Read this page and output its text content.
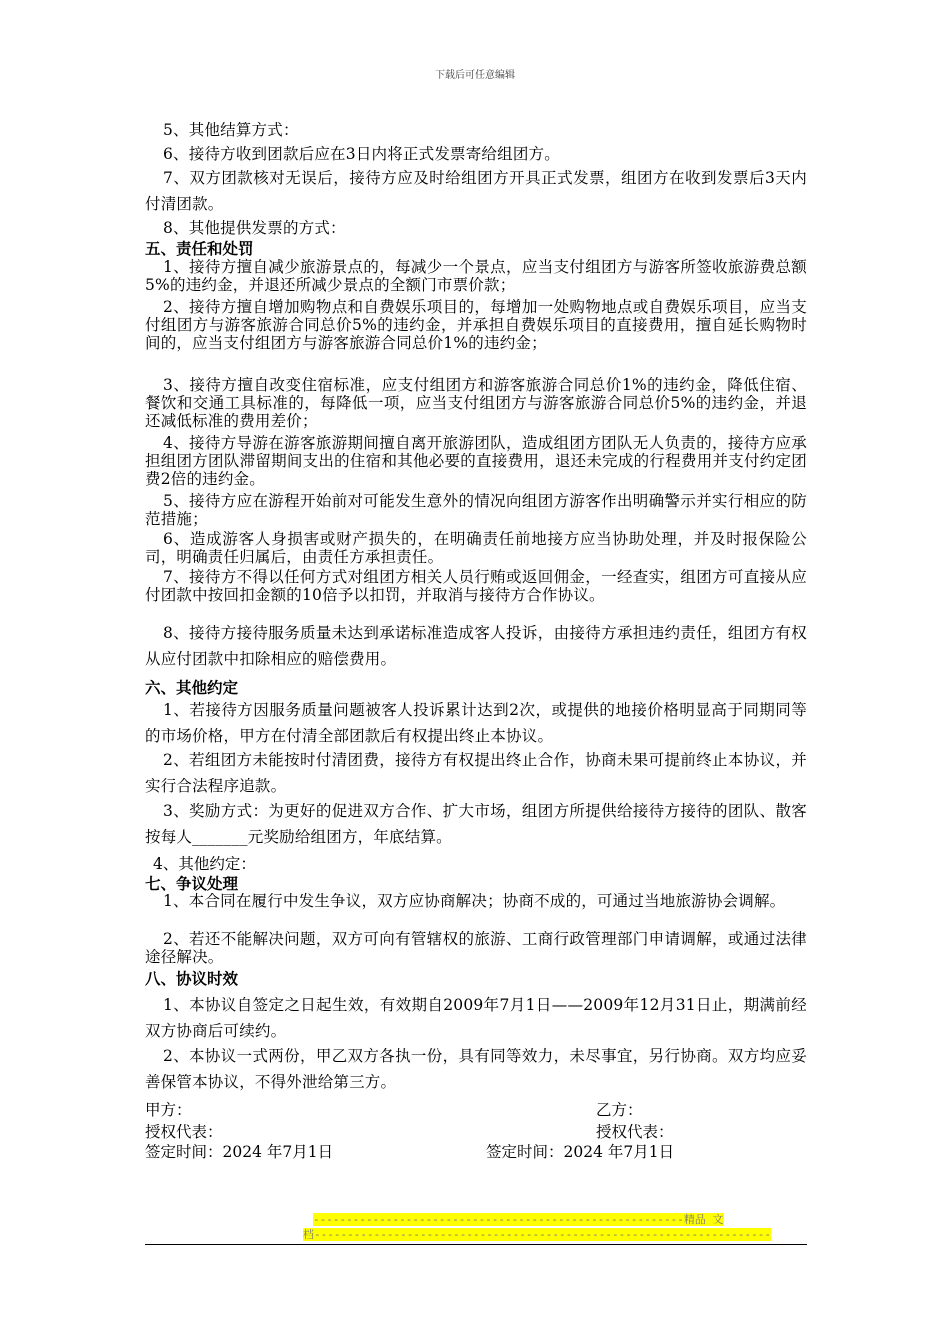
下载后可任意编辑
5、其他结算方式：
6、接待方收到团款后应在3日内将正式发票寄给组团方。
7、双方团款核对无误后，接待方应及时给组团方开具正式发票，组团方在收到发票后3天内付清团款。
8、其他提供发票的方式：
五、责任和处罚
1、接待方擅自减少旅游景点的，每减少一个景点，应当支付组团方与游客所签收旅游费总额5%的违约金，并退还所减少景点的全额门市票价款；
2、接待方擅自增加购物点和自费娱乐项目的，每增加一处购物地点或自费娱乐项目，应当支付组团方与游客旅游合同总价5%的违约金，并承担自费娱乐项目的直接费用，擅自延长购物时间的，应当支付组团方与游客旅游合同总价1%的违约金；
3、接待方擅自改变住宿标准，应支付组团方和游客旅游合同总价1%的违约金，降低住宿、餐饮和交通工具标准的，每降低一项，应当支付组团方与游客旅游合同总价5%的违约金，并退还减低标准的费用差价；
4、接待方导游在游客旅游期间擅自离开旅游团队，造成组团方团队无人负责的，接待方应承担组团方团队滞留期间支出的住宿和其他必要的直接费用，退还未完成的行程费用并支付约定团费2倍的违约金。
5、接待方应在游程开始前对可能发生意外的情况向组团方游客作出明确警示并实行相应的防范措施；
6、造成游客人身损害或财产损失的，在明确责任前地接方应当协助处理，并及时报保险公司，明确责任归属后，由责任方承担责任。
7、接待方不得以任何方式对组团方相关人员行贿或返回佣金，一经查实，组团方可直接从应付团款中按回扣金额的10倍予以扣罚，并取消与接待方合作协议。
8、接待方接待服务质量未达到承诺标准造成客人投诉，由接待方承担违约责任，组团方有权从应付团款中扣除相应的赔偿费用。
六、其他约定
1、若接待方因服务质量问题被客人投诉累计达到2次，或提供的地接价格明显高于同期同等的市场价格，甲方在付清全部团款后有权提出终止本协议。
2、若组团方未能按时付清团费，接待方有权提出终止合作，协商未果可提前终止本协议，并实行合法程序追款。
3、奖励方式：为更好的促进双方合作、扩大市场，组团方所提供给接待方接待的团队、散客按每人_______元奖励给组团方，年底结算。
4、其他约定：
七、争议处理
1、本合同在履行中发生争议，双方应协商解决；协商不成的，可通过当地旅游协会调解。
2、若还不能解决问题，双方可向有管辖权的旅游、工商行政管理部门申请调解，或通过法律途径解决。
八、协议时效
1、本协议自签定之日起生效，有效期自2009年7月1日——2009年12月31日止，期满前经双方协商后可续约。
2、本协议一式两份，甲乙双方各执一份，具有同等效力，未尽事宜，另行协商。双方均应妥善保管本协议，不得外泄给第三方。
甲方：	乙方：
授权代表：	授权代表：
签定时间：2024 年7月1日	签定时间：2024 年7月1日
--------------------------------------------------------精品 文
档---------------------------------------------------------------------
